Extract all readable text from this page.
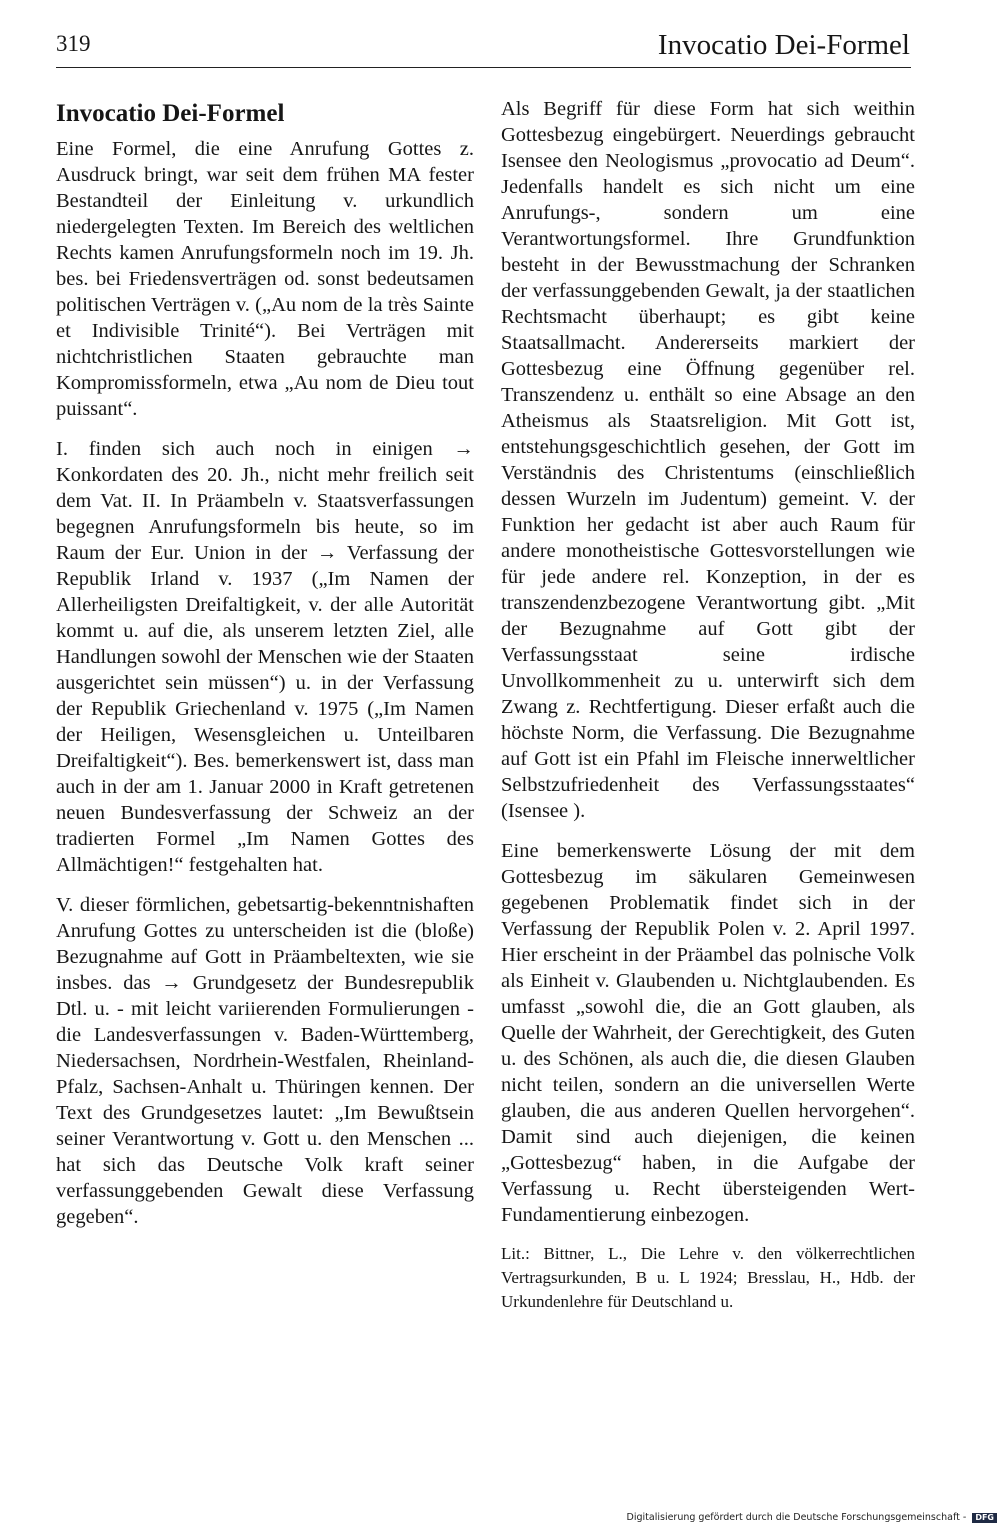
319	Invocatio Dei-Formel
Invocatio Dei-Formel

Eine Formel, die eine Anrufung Gottes z. Ausdruck bringt, war seit dem frühen MA fester Bestandteil der Einleitung v. urkundlich niedergelegten Texten. Im Bereich des weltlichen Rechts kamen Anrufungsformeln noch im 19. Jh. bes. bei Friedensverträgen od. sonst bedeutsamen politischen Verträgen v. („Au nom de la très Sainte et Indivisible Trinité“). Bei Verträgen mit nichtchristlichen Staaten gebrauchte man Kompromissformeln, etwa „Au nom de Dieu tout puissant“.

I. finden sich auch noch in einigen → Konkordaten des 20. Jh., nicht mehr freilich seit dem Vat. II. In Präambeln v. Staatsverfassungen begegnen Anrufungsformeln bis heute, so im Raum der Eur. Union in der → Verfassung der Republik Irland v. 1937 („Im Namen der Allerheiligsten Dreifaltigkeit, v. der alle Autorität kommt u. auf die, als unserem letzten Ziel, alle Handlungen sowohl der Menschen wie der Staaten ausgerichtet sein müssen“) u. in der Verfassung der Republik Griechenland v. 1975 („Im Namen der Heiligen, Wesensgleichen u. Unteilbaren Dreifaltigkeit“). Bes. bemerkenswert ist, dass man auch in der am 1. Januar 2000 in Kraft getretenen neuen Bundesverfassung der Schweiz an der tradierten Formel „Im Namen Gottes des Allmächtigen!“ festgehalten hat.

V. dieser förmlichen, gebetsartig-bekenntnishaften Anrufung Gottes zu unterscheiden ist die (bloße) Bezugnahme auf Gott in Präambeltexten, wie sie insbes. das → Grundgesetz der Bundesrepublik Dtl. u. - mit leicht variierenden Formulierungen - die Landesverfassungen v. Baden-Württemberg, Niedersachsen, Nordrhein-Westfalen, Rheinland-Pfalz, Sachsen-Anhalt u. Thüringen kennen. Der Text des Grundgesetzes lautet: „Im Bewußtsein seiner Verantwortung v. Gott u. den Menschen ... hat sich das Deutsche Volk kraft seiner verfassunggebenden Gewalt diese Verfassung gegeben“.

Als Begriff für diese Form hat sich weithin Gottesbezug eingebürgert. Neuerdings gebraucht Isensee den Neologismus „provocatio ad Deum“. Jedenfalls handelt es sich nicht um eine Anrufungs-, sondern um eine Verantwortungsformel. Ihre Grundfunktion besteht in der Bewusstmachung der Schranken der verfassunggebenden Gewalt, ja der staatlichen Rechtsmacht überhaupt; es gibt keine Staatsallmacht. Andererseits markiert der Gottesbezug eine Öffnung gegenüber rel. Transzendenz u. enthält so eine Absage an den Atheismus als Staatsreligion. Mit Gott ist, entstehungsgeschichtlich gesehen, der Gott im Verständnis des Christentums (einschließlich dessen Wurzeln im Judentum) gemeint. V. der Funktion her gedacht ist aber auch Raum für andere monotheistische Gottesvorstellungen wie für jede andere rel. Konzeption, in der es transzendenzbezogene Verantwortung gibt. „Mit der Bezugnahme auf Gott gibt der Verfassungsstaat seine irdische Unvollkommenheit zu u. unterwirft sich dem Zwang z. Rechtfertigung. Dieser erfaßt auch die höchste Norm, die Verfassung. Die Bezugnahme auf Gott ist ein Pfahl im Fleische innerweltlicher Selbstzufriedenheit des Verfassungsstaates“ (Isensee ).

Eine bemerkenswerte Lösung der mit dem Gottesbezug im säkularen Gemeinwesen gegebenen Problematik findet sich in der Verfassung der Republik Polen v. 2. April 1997. Hier erscheint in der Präambel das polnische Volk als Einheit v. Glaubenden u. Nichtglaubenden. Es umfasst „sowohl die, die an Gott glauben, als Quelle der Wahrheit, der Gerechtigkeit, des Guten u. des Schönen, als auch die, die diesen Glauben nicht teilen, sondern an die universellen Werte glauben, die aus anderen Quellen hervorgehen“. Damit sind auch diejenigen, die keinen „Gottesbezug“ haben, in die Aufgabe der Verfassung u. Recht übersteigenden Wert-Fundamentierung einbezogen.

Lit.: Bittner, L., Die Lehre v. den völkerrechtlichen Vertragsurkunden, B u. L 1924; Bresslau, H., Hdb. der Urkundenlehre für Deutschland u.

Digitalisierung gefördert durch die Deutsche Forschungsgemeinschaft - DFG
